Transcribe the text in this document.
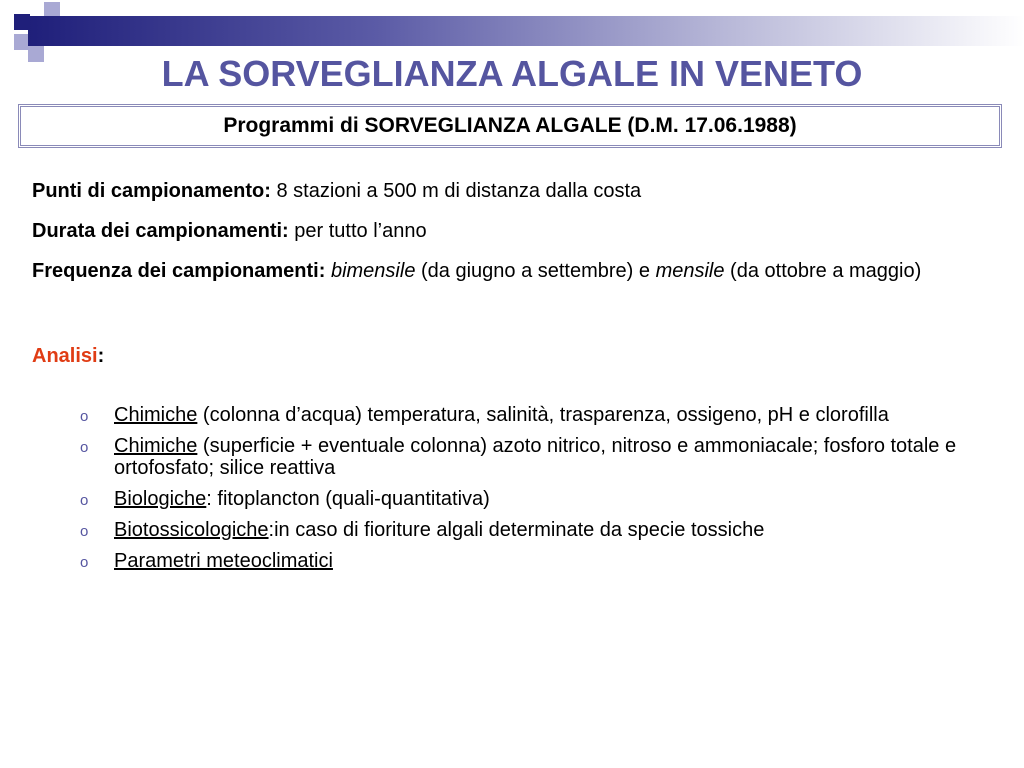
LA SORVEGLIANZA ALGALE IN VENETO
Programmi di SORVEGLIANZA ALGALE (D.M. 17.06.1988)
Punti di campionamento: 8 stazioni a 500 m di distanza dalla costa
Durata dei campionamenti: per tutto l’anno
Frequenza dei campionamenti: bimensile (da giugno a settembre) e mensile (da ottobre a maggio)
Analisi:
o Chimiche (colonna d’acqua) temperatura, salinità, trasparenza, ossigeno, pH e clorofilla
o Chimiche (superficie + eventuale colonna) azoto nitrico, nitroso e ammoniacale; fosforo totale e ortofosfato; silice reattiva
o Biologiche: fitoplancton (quali-quantitativa)
o Biotossicologiche:in caso di fioriture algali determinate da specie tossiche
o Parametri meteoclimatici
